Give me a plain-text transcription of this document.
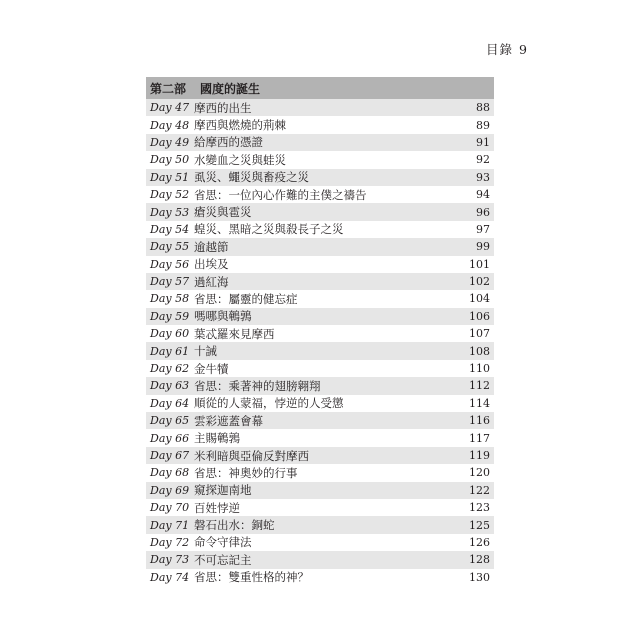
目錄 9
第二部 國度的誕生
Day 47 摩西的出生	88
Day 48 摩西與燃燒的荊棘	89
Day 49 給摩西的憑證	91
Day 50 水變血之災與蛙災	92
Day 51 虱災、蠅災與畜疫之災	93
Day 52 省思：一位內心作難的主僕之禱告	94
Day 53 瘡災與雹災	96
Day 54 蝗災、黑暗之災與殺長子之災	97
Day 55 逾越節	99
Day 56 出埃及	101
Day 57 過紅海	102
Day 58 省思：屬靈的健忘症	104
Day 59 嗎哪與鵪鶉	106
Day 60 葉忒羅來見摩西	107
Day 61 十誡	108
Day 62 金牛犢	110
Day 63 省思：乘著神的翅膀翱翔	112
Day 64 順從的人蒙福，悖逆的人受懲	114
Day 65 雲彩遮蓋會幕	116
Day 66 主賜鵪鶉	117
Day 67 米利暗與亞倫反對摩西	119
Day 68 省思：神奧妙的行事	120
Day 69 窺探迦南地	122
Day 70 百姓悖逆	123
Day 71 磐石出水：銅蛇	125
Day 72 命令守律法	126
Day 73 不可忘記主	128
Day 74 省思：雙重性格的神？	130
